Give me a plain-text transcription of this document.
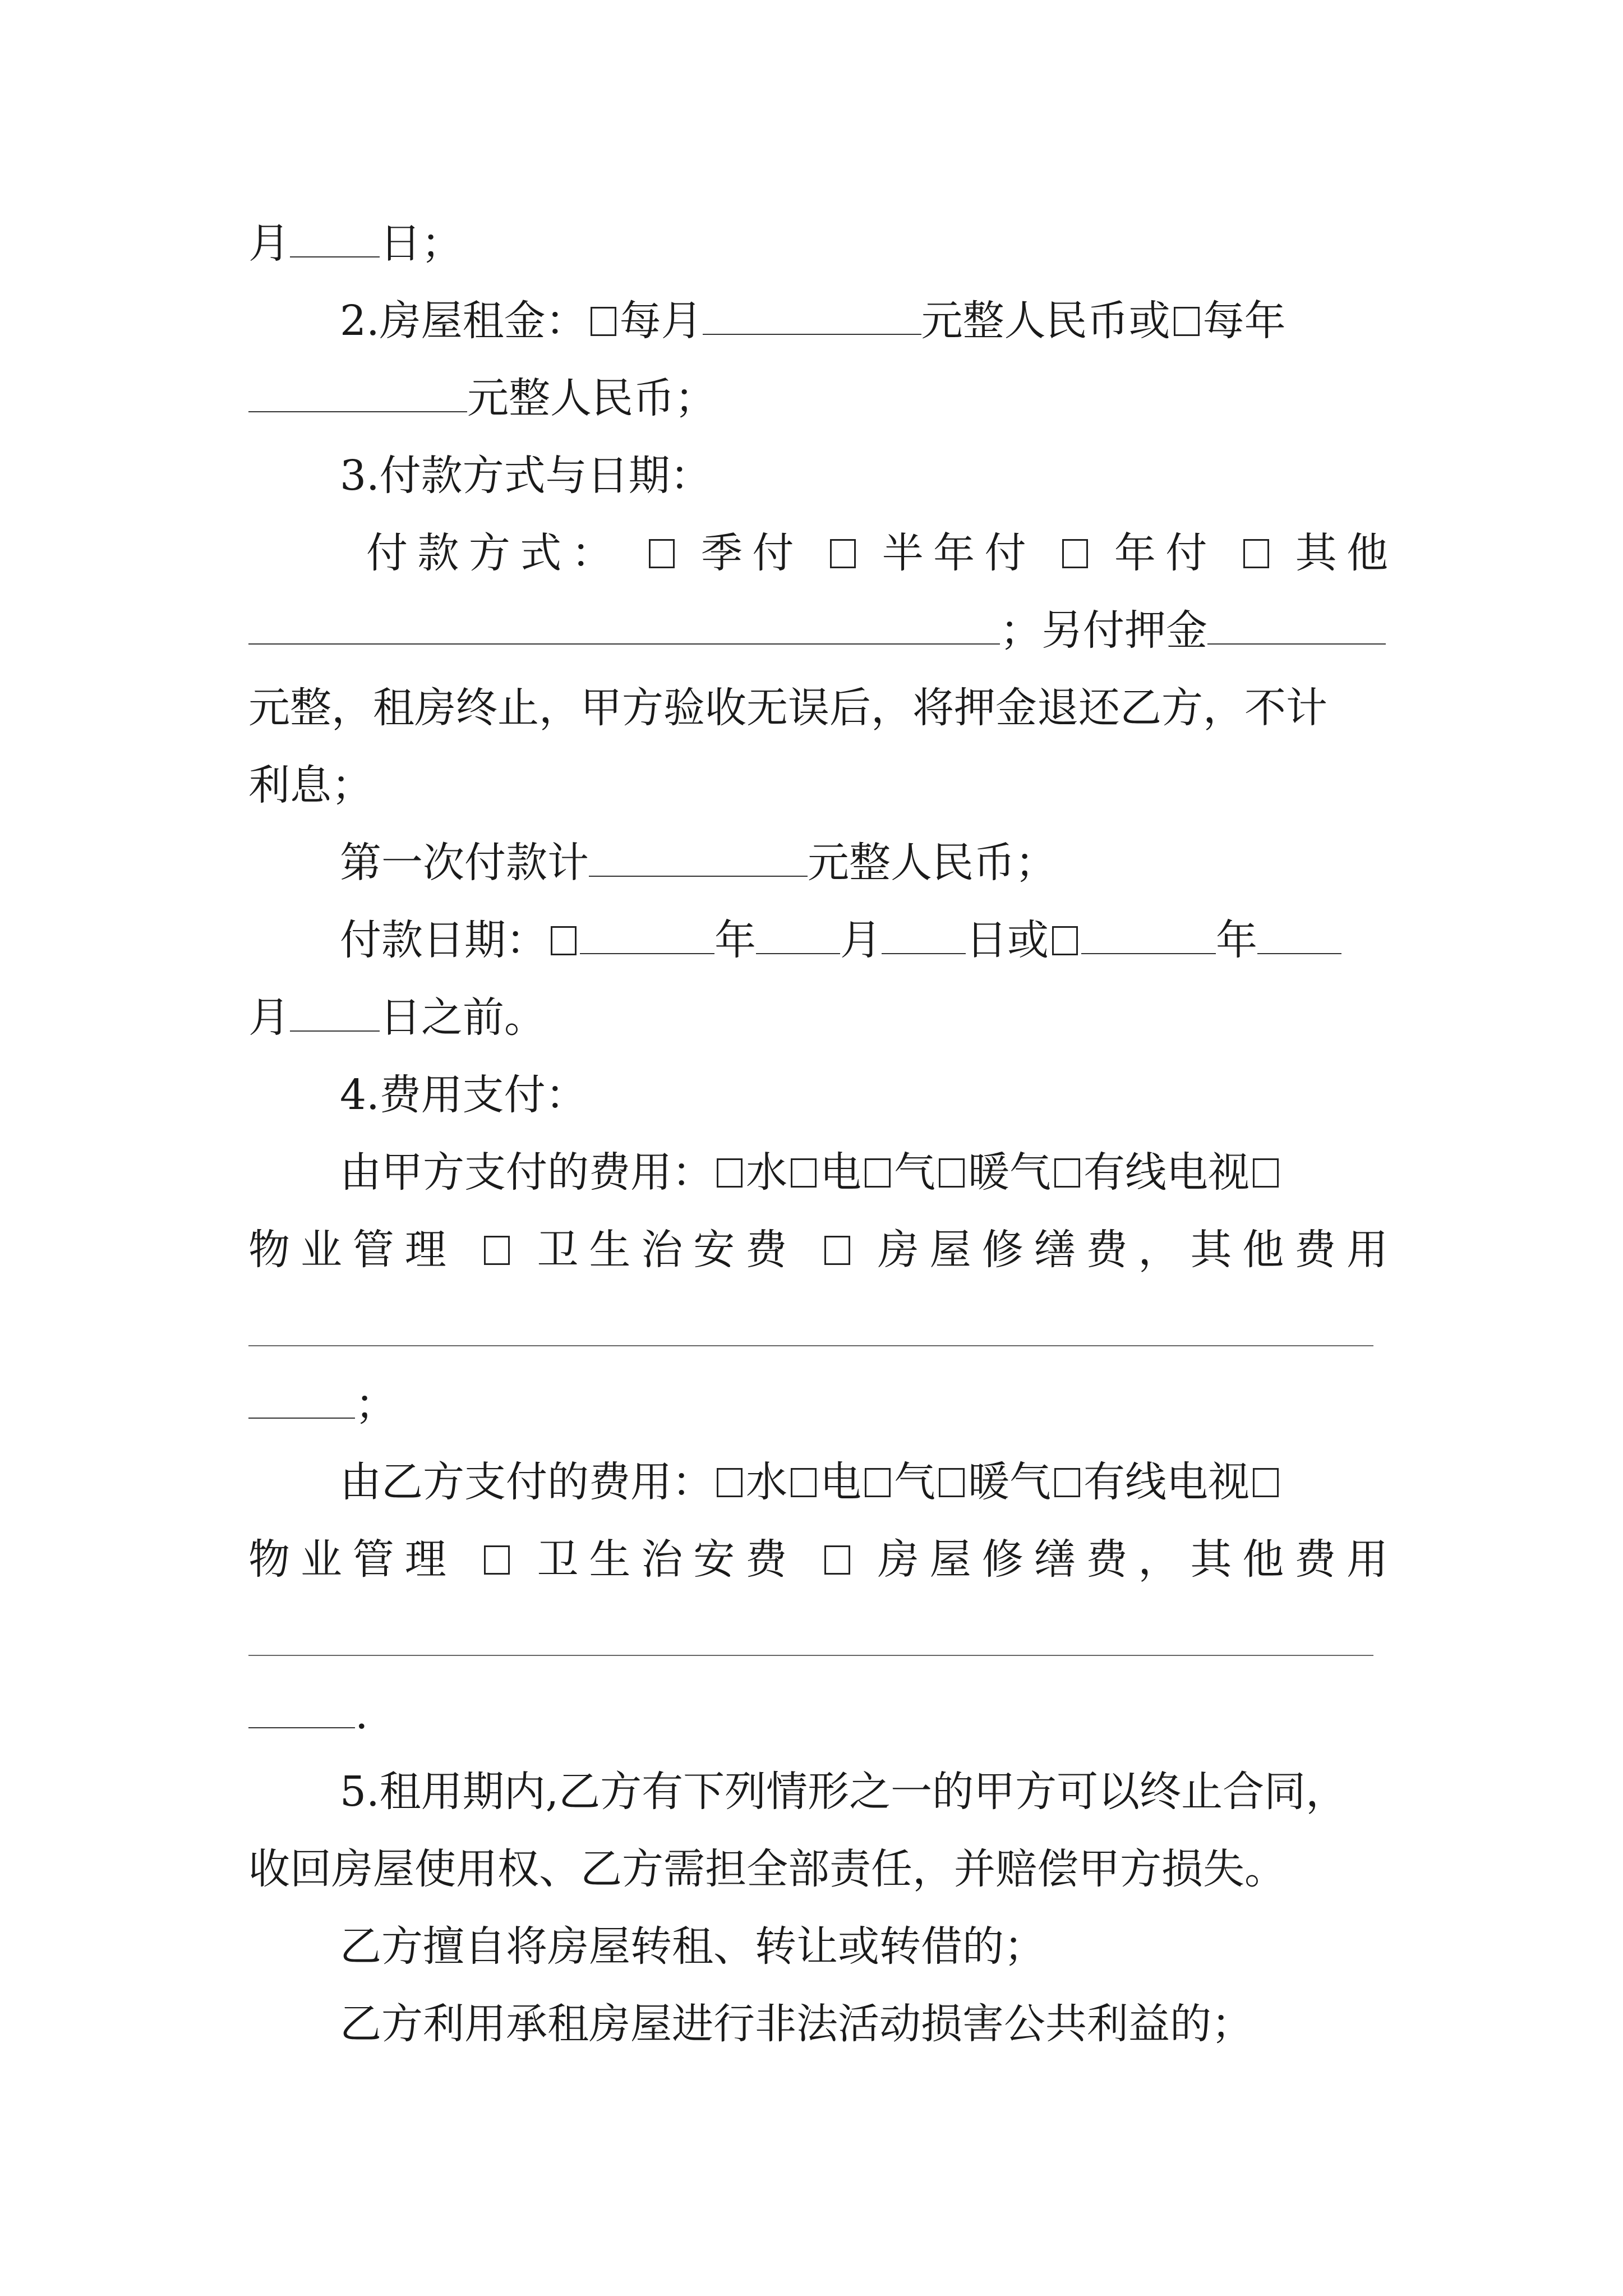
月 日；
2.房屋租金： 每月	元整人民币或 每年
元整人民币；
3.付款方式与日期：
付款方式： 季付 半年付 年付 其他
；另付押金
元整，租房终止，甲方验收无误后，将押金退还乙方，不计
利息；
第一次付款计	元整人民币；
付款日期：	年 月 日或	年
月 日之前。
4.费用支付：
由甲方支付的费用： 水 电 气 暖气 有线电视
物业管理 卫生治安费 房屋修缮费，其他费用
；
由乙方支付的费用： 水 电 气 暖气 有线电视
物业管理 卫生治安费 房屋修缮费，其他费用
.
5.租用期内,乙方有下列情形之一的甲方可以终止合同，
收回房屋使用权、乙方需担全部责任，并赔偿甲方损失。
乙方擅自将房屋转租、转让或转借的；
乙方利用承租房屋进行非法活动损害公共利益的；
